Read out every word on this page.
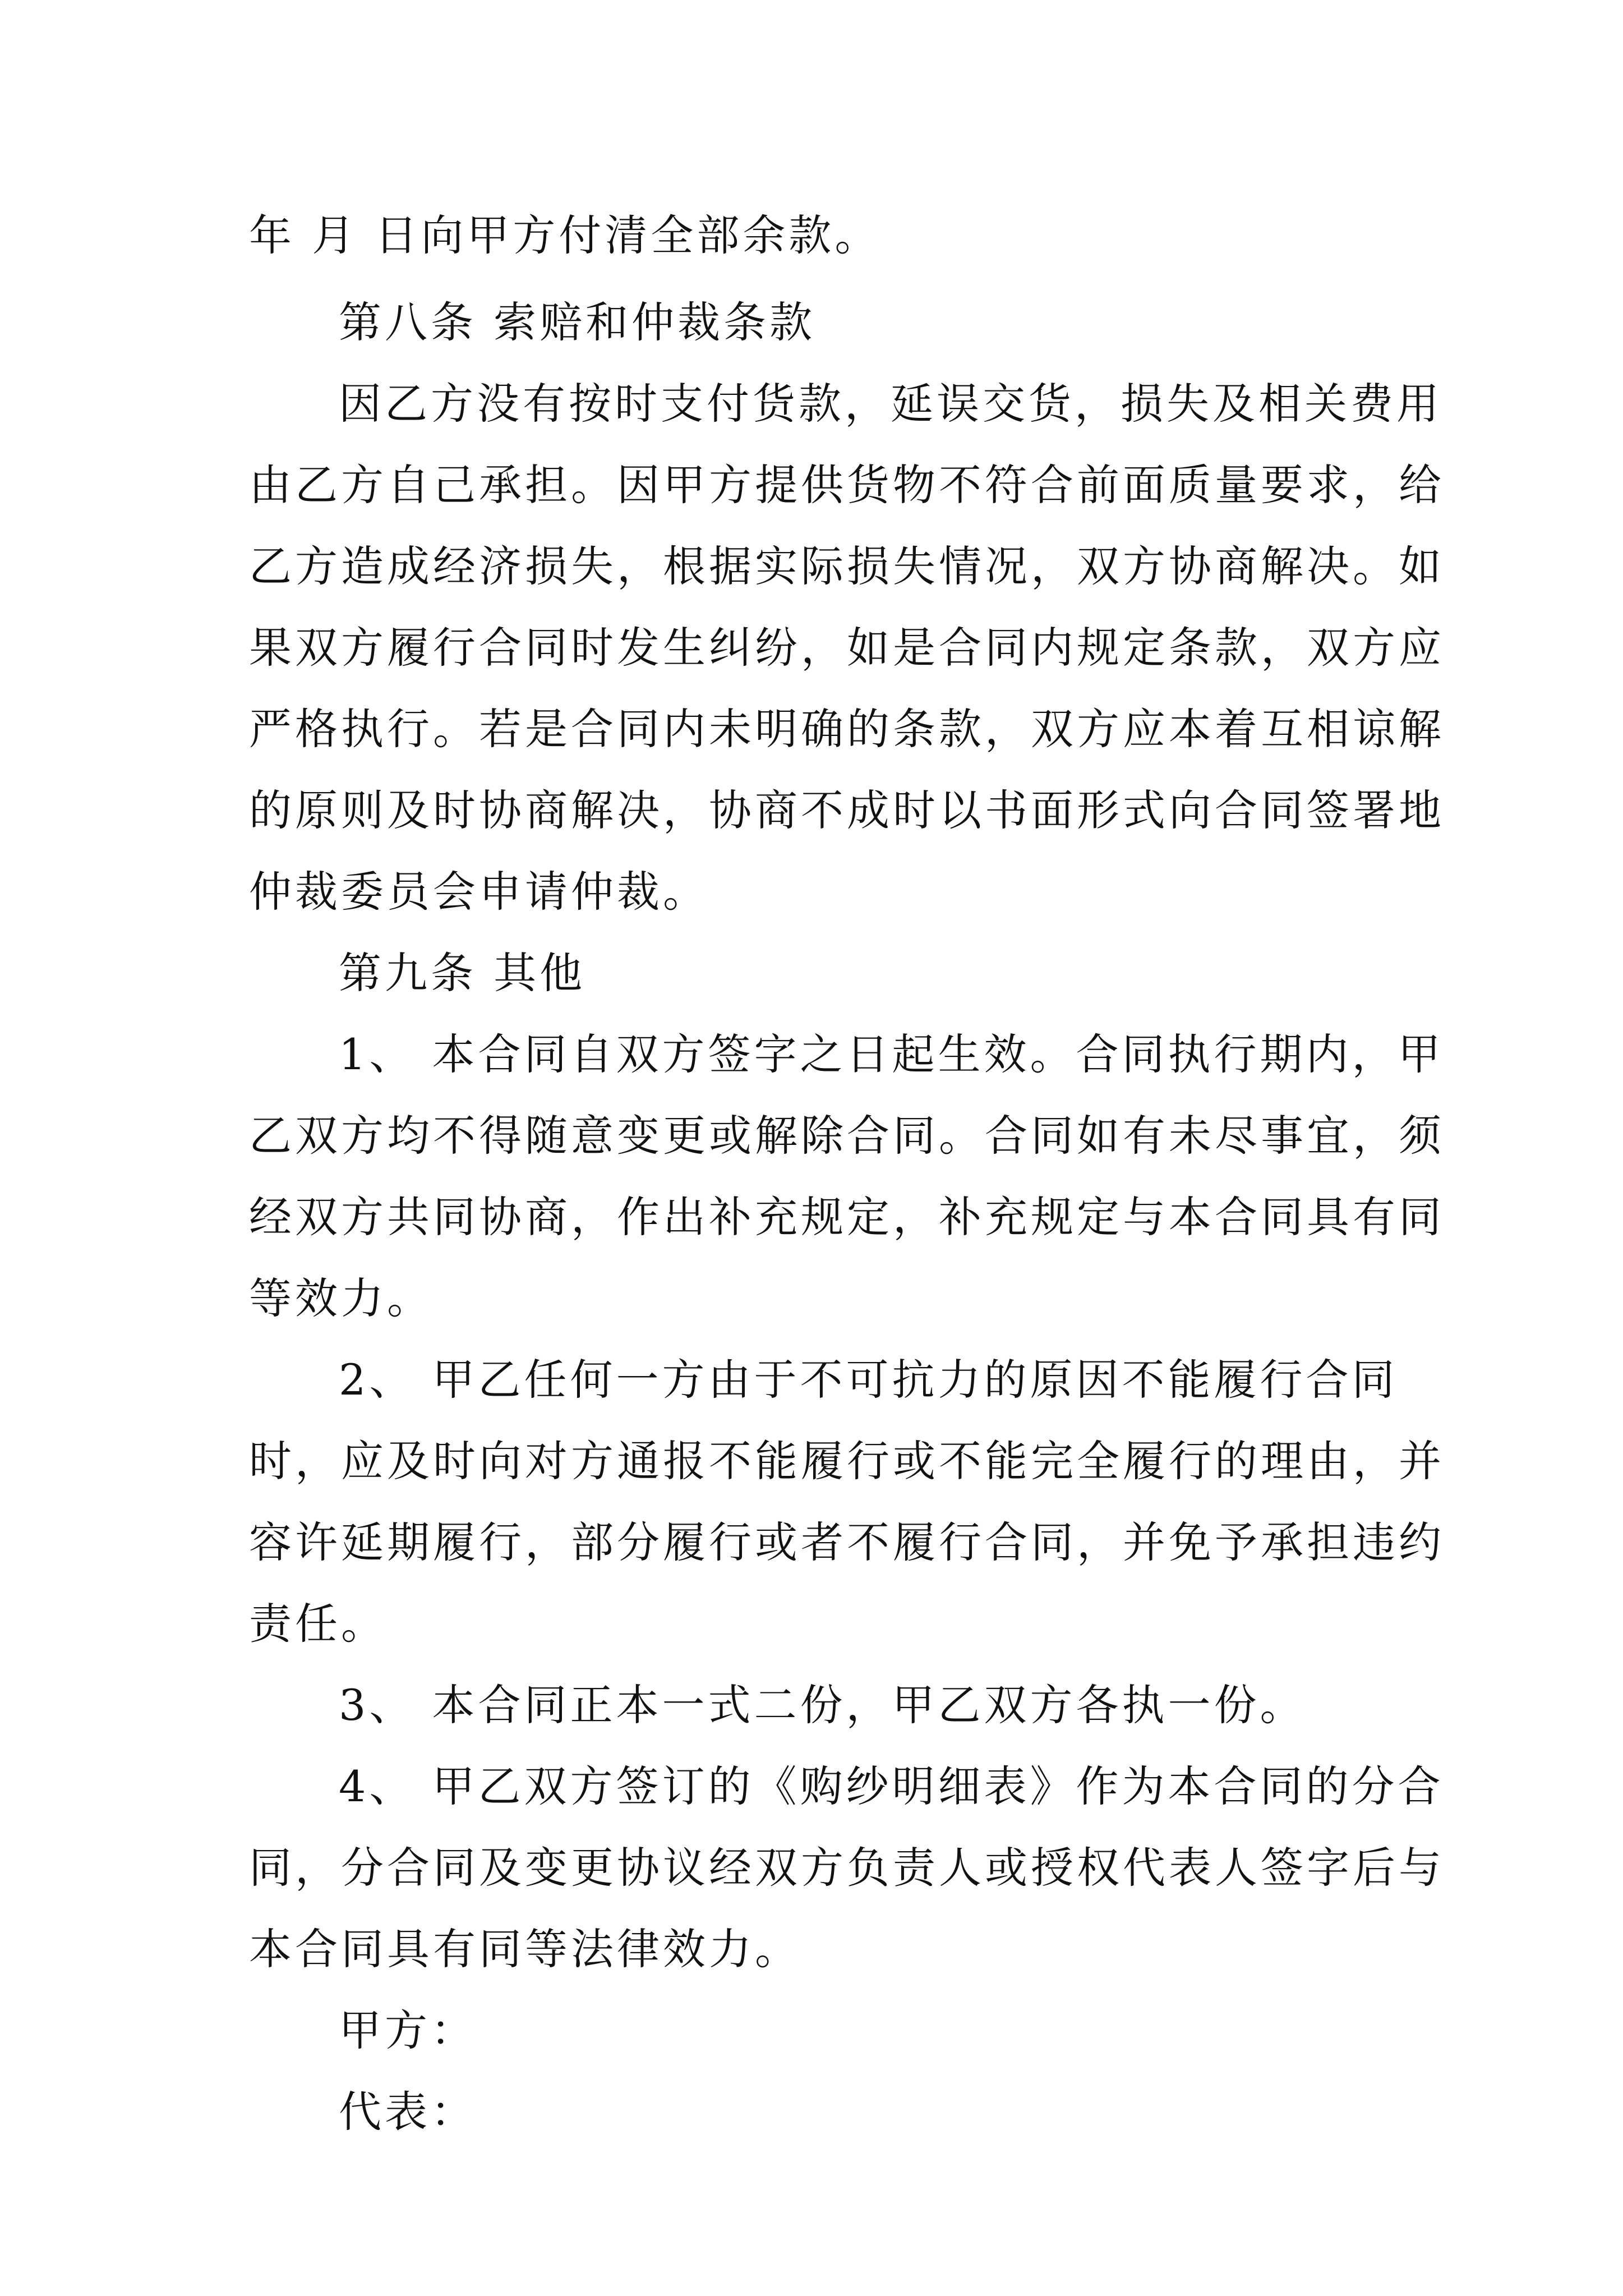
年 月 日向甲方付清全部余款。
第八条 索赔和仲裁条款
因乙方没有按时支付货款，延误交货，损失及相关费用
由乙方自己承担。因甲方提供货物不符合前面质量要求，给
乙方造成经济损失，根据实际损失情况，双方协商解决。如
果双方履行合同时发生纠纷，如是合同内规定条款，双方应
严格执行。若是合同内未明确的条款，双方应本着互相谅解
的原则及时协商解决，协商不成时以书面形式向合同签署地
仲裁委员会申请仲裁。
第九条 其他
1、 本合同自双方签字之日起生效。合同执行期内，甲
乙双方均不得随意变更或解除合同。合同如有未尽事宜，须
经双方共同协商，作出补充规定，补充规定与本合同具有同
等效力。
2、 甲乙任何一方由于不可抗力的原因不能履行合同
时，应及时向对方通报不能履行或不能完全履行的理由，并
容许延期履行，部分履行或者不履行合同，并免予承担违约
责任。
3、 本合同正本一式二份，甲乙双方各执一份。
4、 甲乙双方签订的《购纱明细表》作为本合同的分合
同，分合同及变更协议经双方负责人或授权代表人签字后与
本合同具有同等法律效力。
甲方：
代表：
